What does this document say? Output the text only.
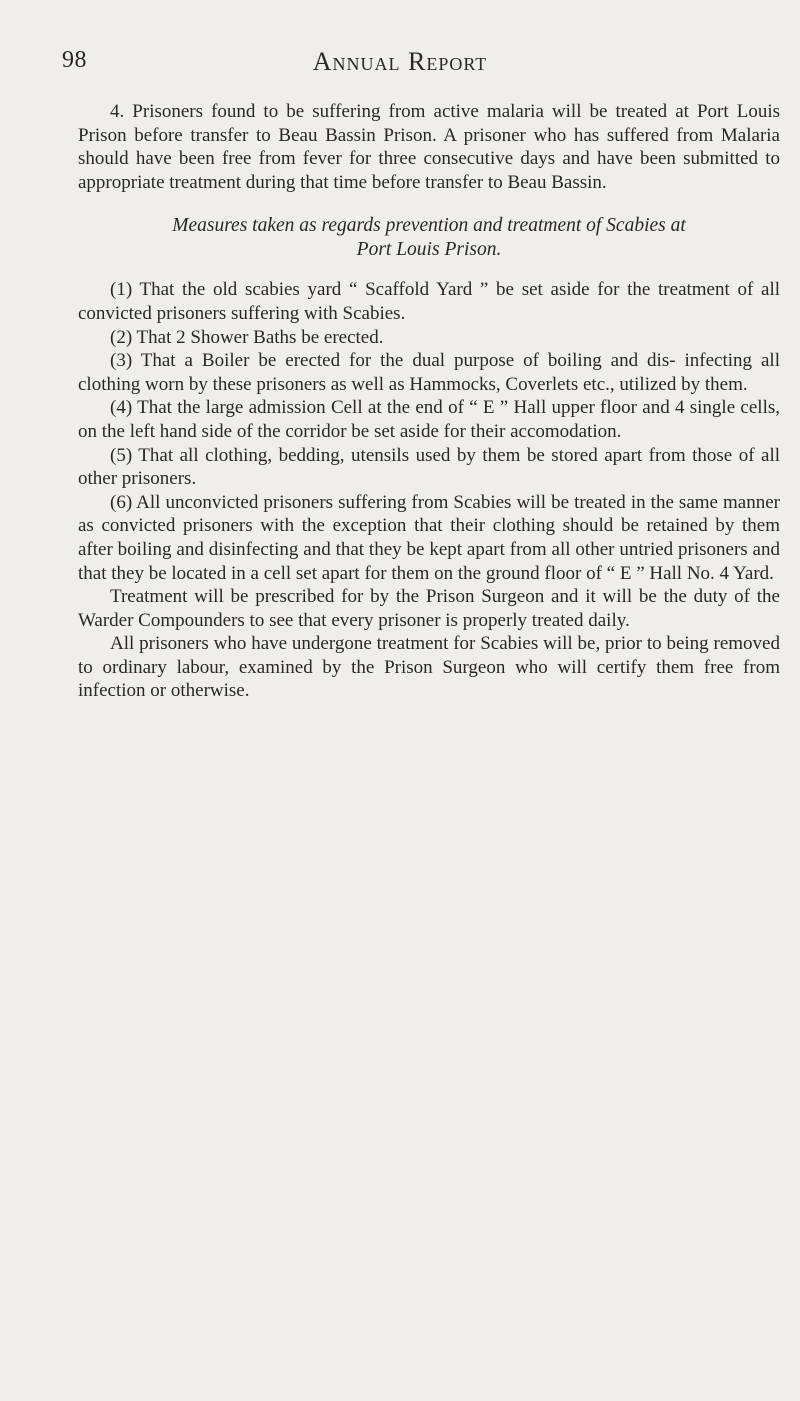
98	Annual Report

4. Prisoners found to be suffering from active malaria will be treated at Port Louis Prison before transfer to Beau Bassin Prison. A prisoner who has suffered from Malaria should have been free from fever for three consecutive days and have been submitted to appropriate treatment during that time before transfer to Beau Bassin.

Measures taken as regards prevention and treatment of Scabies at
Port Louis Prison.

(1) That the old scabies yard “ Scaffold Yard ” be set aside for the treatment of all convicted prisoners suffering with Scabies.

(2) That 2 Shower Baths be erected.

(3) That a Boiler be erected for the dual purpose of boiling and dis- infecting all clothing worn by these prisoners as well as Hammocks, Coverlets etc., utilized by them.

(4) That the large admission Cell at the end of “ E ” Hall upper floor and 4 single cells, on the left hand side of the corridor be set aside for their accomodation.

(5) That all clothing, bedding, utensils used by them be stored apart from those of all other prisoners.

(6) All unconvicted prisoners suffering from Scabies will be treated in the same manner as convicted prisoners with the exception that their clothing should be retained by them after boiling and disinfecting and that they be kept apart from all other untried prisoners and that they be located in a cell set apart for them on the ground floor of “ E ” Hall No. 4 Yard.

Treatment will be prescribed for by the Prison Surgeon and it will be the duty of the Warder Compounders to see that every prisoner is properly treated daily.

All prisoners who have undergone treatment for Scabies will be, prior to being removed to ordinary labour, examined by the Prison Surgeon who will certify them free from infection or otherwise.
